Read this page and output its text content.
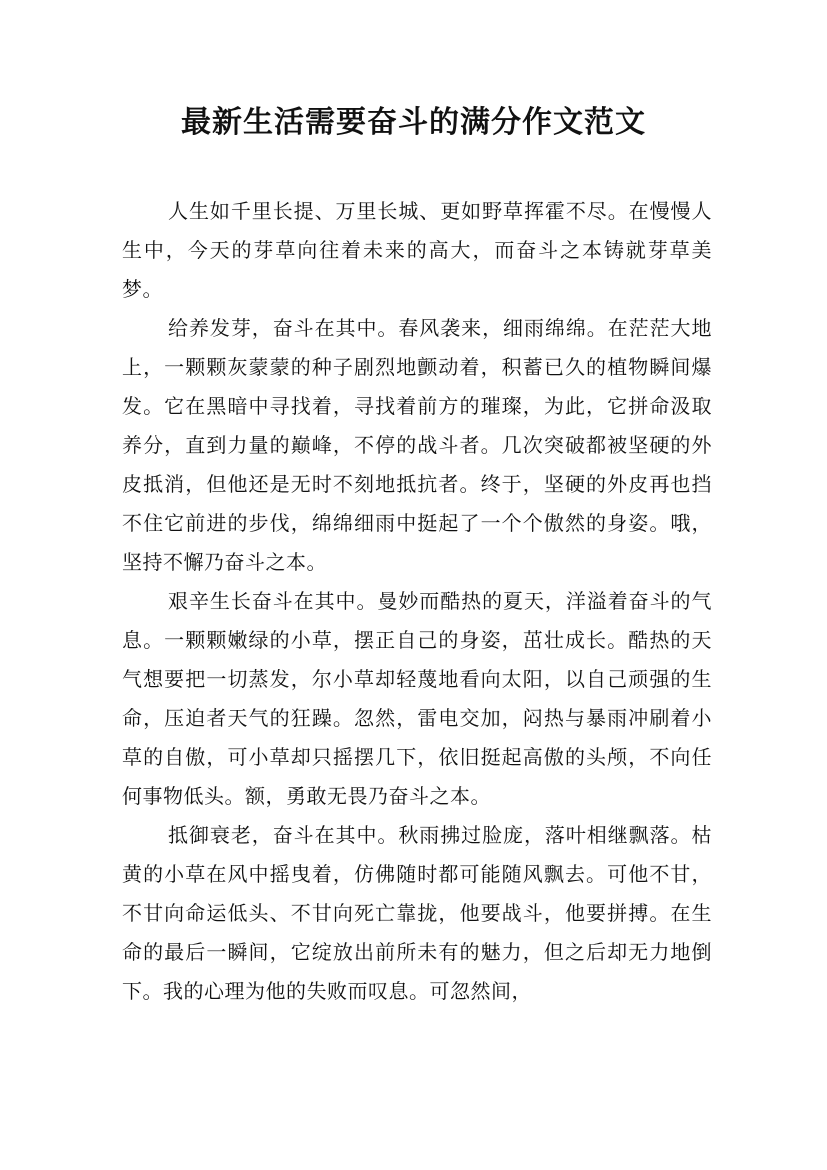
最新生活需要奋斗的满分作文范文

人生如千里长提、万里长城、更如野草挥霍不尽。在慢慢人生中，今天的芽草向往着未来的高大，而奋斗之本铸就芽草美梦。

给养发芽，奋斗在其中。春风袭来，细雨绵绵。在茫茫大地上，一颗颗灰蒙蒙的种子剧烈地颤动着，积蓄已久的植物瞬间爆发。它在黑暗中寻找着，寻找着前方的璀璨，为此，它拼命汲取养分，直到力量的巅峰，不停的战斗者。几次突破都被坚硬的外皮抵消，但他还是无时不刻地抵抗者。终于，坚硬的外皮再也挡不住它前进的步伐，绵绵细雨中挺起了一个个傲然的身姿。哦，坚持不懈乃奋斗之本。

艰辛生长奋斗在其中。曼妙而酷热的夏天，洋溢着奋斗的气息。一颗颗嫩绿的小草，摆正自己的身姿，茁壮成长。酷热的天气想要把一切蒸发，尔小草却轻蔑地看向太阳，以自己顽强的生命，压迫者天气的狂躁。忽然，雷电交加，闷热与暴雨冲刷着小草的自傲，可小草却只摇摆几下，依旧挺起高傲的头颅，不向任何事物低头。额，勇敢无畏乃奋斗之本。

抵御衰老，奋斗在其中。秋雨拂过脸庞，落叶相继飘落。枯黄的小草在风中摇曳着，仿佛随时都可能随风飘去。可他不甘，不甘向命运低头、不甘向死亡靠拢，他要战斗，他要拼搏。在生命的最后一瞬间，它绽放出前所未有的魅力，但之后却无力地倒下。我的心理为他的失败而叹息。可忽然间，
